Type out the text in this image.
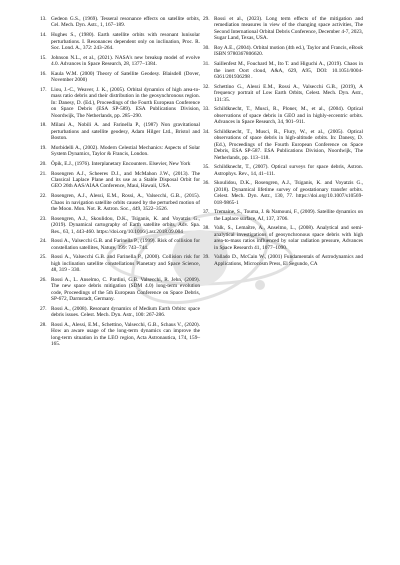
13. Gedeon G.S., (1969). Tesseral resonance effects on satellite orbits, Cel. Mech. Dyn. Astr., 1, 167–189.

14. Hughes S., (1980). Earth satellite orbits with resonant lunisolar perturbations. I. Resonances dependent only on inclination, Proc. R. Soc. Lond. A., 372: 243–264.

15. Johnson N.L., et al., (2021). NASA's new breakup model of evolve 4.0. Advances in Space Research, 28, 1377–1384.

16. Kaula W.M. (2000) Theory of Satellite Geodesy. Blaisdell (Dover, November 2000)

17. Liou, J.-C., Weaver, J. K., (2005). Orbital dynamics of high area-to-mass ratio debris and their distribution in the geosynchronous region. In: Danesy, D. (Ed.), Proceedings of the Fourth European Conference on Space Debris (ESA SP-589). ESA Publications Division, Noordwijk, The Netherlands, pp. 285–290.

18. Milani A., Nobili A. and Farinella P., (1987) Non gravitational perturbations and satellite geodesy, Adam Hilger Ltd., Bristol and Boston.

19. Morbidelli A., (2002). Modern Celestial Mechanics: Aspects of Solar System Dynamics, Taylor & Francis, London.

20. Öpik, E.J., (1976). Interplanetary Encounters. Elsevier, New York

21. Rosengren A.J., Scheeres D.J., and McMahon J.W., (2013). The Classical Laplace Plane and its use as a Stable Disposal Orbit for GEO 26th AAS/AIAA Conference, Maui, Hawaii, USA.

22. Rosengren, A.J., Alessi, E.M., Rossi, A., Valsecchi, G.B., (2015). Chaos in navigation satellite orbits caused by the perturbed motion of the Moon. Mon. Not. R. Astron. Soc., 449, 3522–3526.

23. Rosengren, A.J., Skoulidou, D.K., Tsiganis, K. and Voyatzis G., (2019). Dynamical cartography of Earth satellite orbits, Adv. Spa. Res., 63, 1, 443-460. https://doi.org/10.1016/j.asr.2018.09.004

24. Rossi A., Valsecchi G.B. and Farinella P., (1999). Risk of collision for constellation satellites, Nature, 399: 743–744.

25. Rossi A., Valsecchi G.B. and Farinella P., (2000). Collision risk for high inclination satellite constellations Planetary and Space Science, 48, 319 - 330.

26. Rossi A., L. Anselmo, C. Pardini, G.B. Valsecchi, R. Jehn, (2009). The new space debris mitigation (SDM 4.0) long-term evolution code, Proceedings of the 5th European Conference on Space Debris, SP-672, Darmstadt, Germany.

27. Rossi A., (2008). Resonant dynamics of Medium Earth Orbits: space debris issues. Celest. Mech. Dyn. Astr., 100: 267-286.

28. Rossi A., Alessi, E.M., Schettino, Valsecchi, G.B., Schaus V., (2020). How an aware usage of the long-term dynamics can improve the long-term situation in the LEO region, Acta Astronautica, 174, 159–165.

29. Rossi et al., (2023). Long term effects of the mitigation and remediation measures in view of the changing space activities, The Second International Orbital Debris Conference, December 4-7, 2023, Sugar Land, Texas, USA.

30. Roy A.E., (2004). Orbital motion (4th ed.), Taylor and Francis, eBook ISBN 9780367806620.

31. Saillenfest M., Fouchard M., Ito T. and Higuchi A., (2019). Chaos in the inert Oort cloud, A&A, 629, A95, DOI: 10.1051/0004-6361/201936298 .

32. Schettino G., Alessi E.M., Rossi A., Valsecchi G.B., (2019), A frequency portrait of Low Earth Orbits, Celest. Mech. Dyn. Astr., 131:35.

33. Schildknecht, T., Musci, R., Ploner, M., et al., (2004). Optical observations of space debris in GEO and in highly-eccentric orbits. Advances in Space Research, 34, 901–911.

34. Schildknecht, T., Musci, R., Flury, W., et al., (2005). Optical observations of space debris in high-altitude orbits. In: Danesy, D. (Ed.), Proceedings of the Fourth European Conference on Space Debris, ESA SP-587. ESA Publications Division, Noordwijk, The Netherlands, pp. 113–118.

35. Schildknecht, T., (2007). Optical surveys for space debris, Astron. Astrophys. Rev., 14, 41–111.

36. Skoulidou, D.K., Rosengren, A.J., Tsiganis, K. and Voyatzis G., (2018). Dynamical lifetime survey of geostationary transfer orbits. Celest. Mech. Dyn. Astr., 130, 77. https://doi.org/10.1007/s10569-018-9865-1

37. Tremaine, S., Touma, J. & Namouni, F., (2009). Satellite dynamics on the Laplace surface, AJ, 137, 3706.

38. Valk, S., Lemaître, A., Anselmo, L., (2008). Analytical and semi-analytical investigations of geosynchronous space debris with high area-to-mass ratios influenced by solar radiation pressure, Advances in Space Research 41, 1077–1090.

39. Vallado D., McCain W., (2001) Fundamentals of Astrodynamics and Applications, Microcosm Press, El Segundo, CA
